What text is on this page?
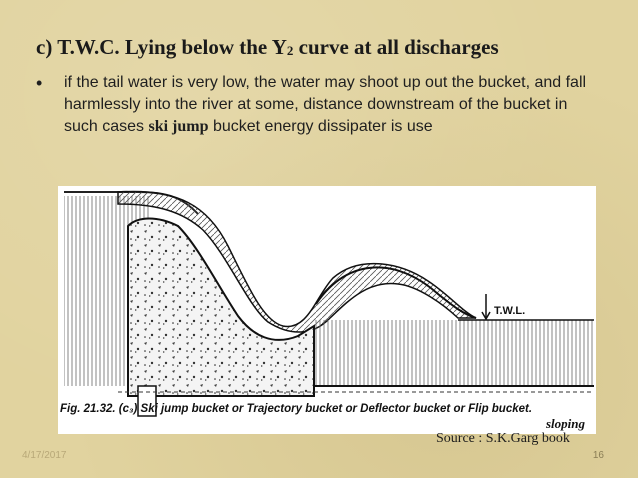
c) T.W.C. Lying below the Y2 curve at all discharges
•	if the tail water is very low, the water may shoot up out the bucket, and fall harmlessly into the river at some, distance downstream of the bucket in such cases ski jump bucket energy dissipater is use
T.W.L.
Fig. 21.32. (c₃) Ski jump bucket or Trajectory bucket or Deflector bucket or Flip bucket.
sloping
Source : S.K.Garg book
4/17/2017	16
